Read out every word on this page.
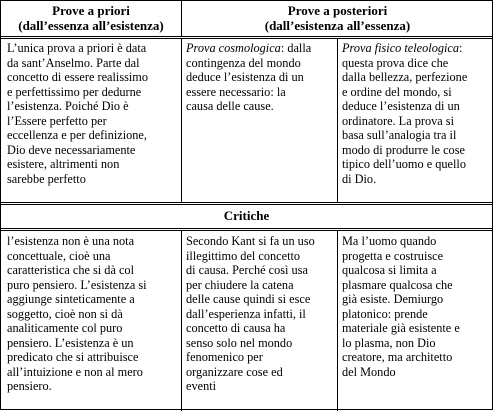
Prove a priori
(dall’essenza all’esistenza)
Prove a posteriori
(dall’esistenza all’essenza)
L’unica prova a priori è data
da sant’Anselmo. Parte dal
concetto di essere realissimo
e perfettissimo per dedurne
l’esistenza. Poiché Dio è
l’Essere perfetto per
eccellenza e per definizione,
Dio deve necessariamente
esistere, altrimenti non
sarebbe perfetto
Prova cosmologica: dalla
contingenza del mondo
deduce l’esistenza di un
essere necessario: la
causa delle cause.
Prova fisico teleologica:
questa prova dice che
dalla bellezza, perfezione
e ordine del mondo, si
deduce l’esistenza di un
ordinatore. La prova si
basa sull’analogia tra il
modo di produrre le cose
tipico dell’uomo e quello
di Dio.
Critiche
l’esistenza non è una nota
concettuale, cioè una
caratteristica che si dà col
puro pensiero. L’esistenza si
aggiunge sinteticamente a
soggetto, cioè non si dà
analiticamente col puro
pensiero. L’esistenza è un
predicato che si attribuisce
all’intuizione e non al mero
pensiero.
Secondo Kant si fa un uso
illegittimo del concetto
di causa. Perché così usa
per chiudere la catena
delle cause quindi si esce
dall’esperienza infatti, il
concetto di causa ha
senso solo nel mondo
fenomenico per
organizzare cose ed
eventi
Ma l’uomo quando
progetta e costruisce
qualcosa si limita a
plasmare qualcosa che
già esiste. Demiurgo
platonico: prende
materiale già esistente e
lo plasma, non Dio
creatore, ma architetto
del Mondo
